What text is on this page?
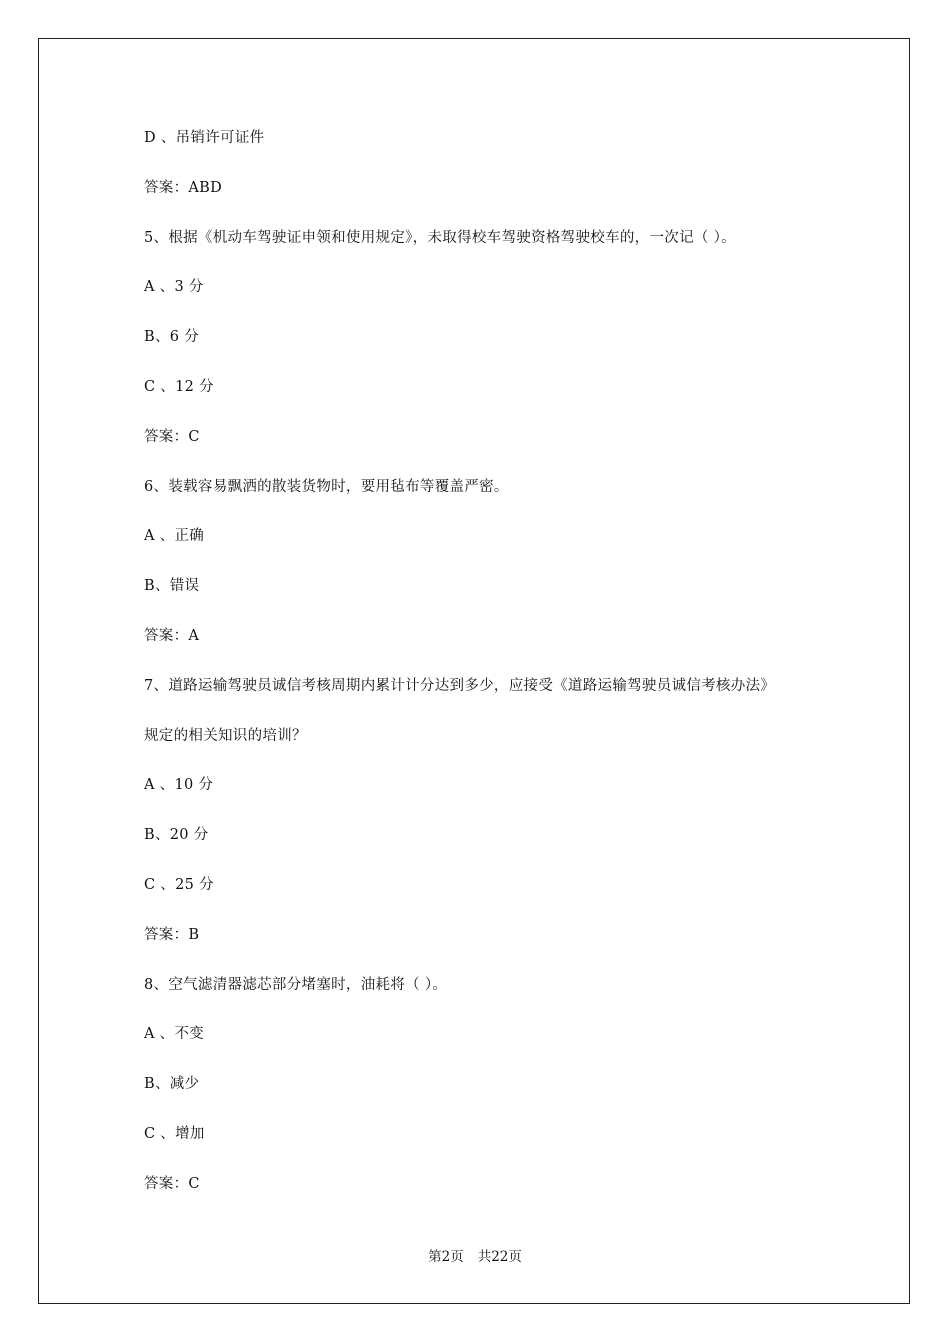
D 、吊销许可证件
答案：ABD
5、根据《机动车驾驶证申领和使用规定》，未取得校车驾驶资格驾驶校车的，一次记（ ）。
A 、3 分
B、6 分
C 、12 分
答案：C
6、装载容易飘洒的散装货物时，要用毡布等覆盖严密。
A 、正确
B、错误
答案：A
7、道路运输驾驶员诚信考核周期内累计计分达到多少，应接受《道路运输驾驶员诚信考核办法》
规定的相关知识的培训？
A 、10 分
B、20 分
C 、25 分
答案：B
8、空气滤清器滤芯部分堵塞时，油耗将（ ）。
A 、不变
B、减少
C 、增加
答案：C
第2页 共22页
